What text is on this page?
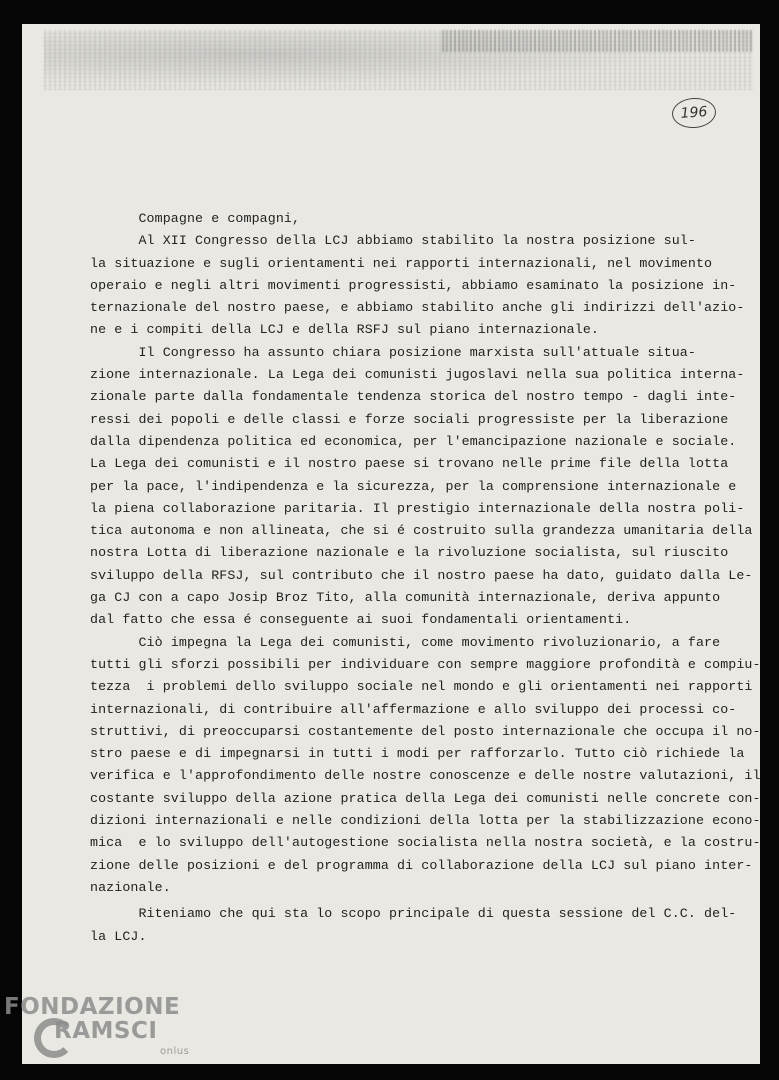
196
Compagne e compagni,
Al XII Congresso della LCJ abbiamo stabilito la nostra posizione sul-
la situazione e sugli orientamenti nei rapporti internazionali, nel movimento
operaio e negli altri movimenti progressisti, abbiamo esaminato la posizione in-
ternazionale del nostro paese, e abbiamo stabilito anche gli indirizzi dell'azio-
ne e i compiti della LCJ e della RSFJ sul piano internazionale.
Il Congresso ha assunto chiara posizione marxista sull'attuale situa-
zione internazionale. La Lega dei comunisti jugoslavi nella sua politica interna-
zionale parte dalla fondamentale tendenza storica del nostro tempo - dagli inte-
ressi dei popoli e delle classi e forze sociali progressiste per la liberazione
dalla dipendenza politica ed economica, per l'emancipazione nazionale e sociale.
La Lega dei comunisti e il nostro paese si trovano nelle prime file della lotta
per la pace, l'indipendenza e la sicurezza, per la comprensione internazionale e
la piena collaborazione paritaria. Il prestigio internazionale della nostra poli-
tica autonoma e non allineata, che si é costruito sulla grandezza umanitaria della
nostra Lotta di liberazione nazionale e la rivoluzione socialista, sul riuscito
sviluppo della RFSJ, sul contributo che il nostro paese ha dato, guidato dalla Le-
ga CJ con a capo Josip Broz Tito, alla comunità internazionale, deriva appunto
dal fatto che essa é conseguente ai suoi fondamentali orientamenti.
Ciò impegna la Lega dei comunisti, come movimento rivoluzionario, a fare
tutti gli sforzi possibili per individuare con sempre maggiore profondità e compiu-
tezza  i problemi dello sviluppo sociale nel mondo e gli orientamenti nei rapporti
internazionali, di contribuire all'affermazione e allo sviluppo dei processi co-
struttivi, di preoccuparsi costantemente del posto internazionale che occupa il no-
stro paese e di impegnarsi in tutti i modi per rafforzarlo. Tutto ciò richiede la
verifica e l'approfondimento delle nostre conoscenze e delle nostre valutazioni, il
costante sviluppo della azione pratica della Lega dei comunisti nelle concrete con-
dizioni internazionali e nelle condizioni della lotta per la stabilizzazione econo-
mica  e lo sviluppo dell'autogestione socialista nella nostra società, e la costru-
zione delle posizioni e del programma di collaborazione della LCJ sul piano inter-
nazionale.
Riteniamo che qui sta lo scopo principale di questa sessione del C.C. del-
la LCJ.
FONDAZIONE
RAMSCI
onlus
